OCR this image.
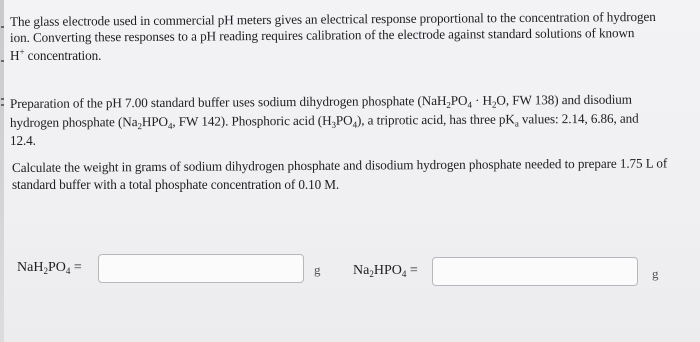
The glass electrode used in commercial pH meters gives an electrical response proportional to the concentration of hydrogen
ion. Converting these responses to a pH reading requires calibration of the electrode against standard solutions of known
H+ concentration.
Preparation of the pH 7.00 standard buffer uses sodium dihydrogen phosphate ($NaH_2PO_4 \cdot H_2O$, FW 138) and disodium
hydrogen phosphate ($Na_2HPO_4$, FW 142). Phosphoric acid $(H_3PO_4)$, a triprotic acid, has three $pK_a$ values: 2.14, 6.86, and
12.4.
Calculate the weight in grams of sodium dihydrogen phosphate and disodium hydrogen phosphate needed to prepare 1.75 L of
standard buffer with a total phosphate concentration of 0.10 M.
$NaH_2PO_4$ =	g $Na_2HPO_4$ =	g
